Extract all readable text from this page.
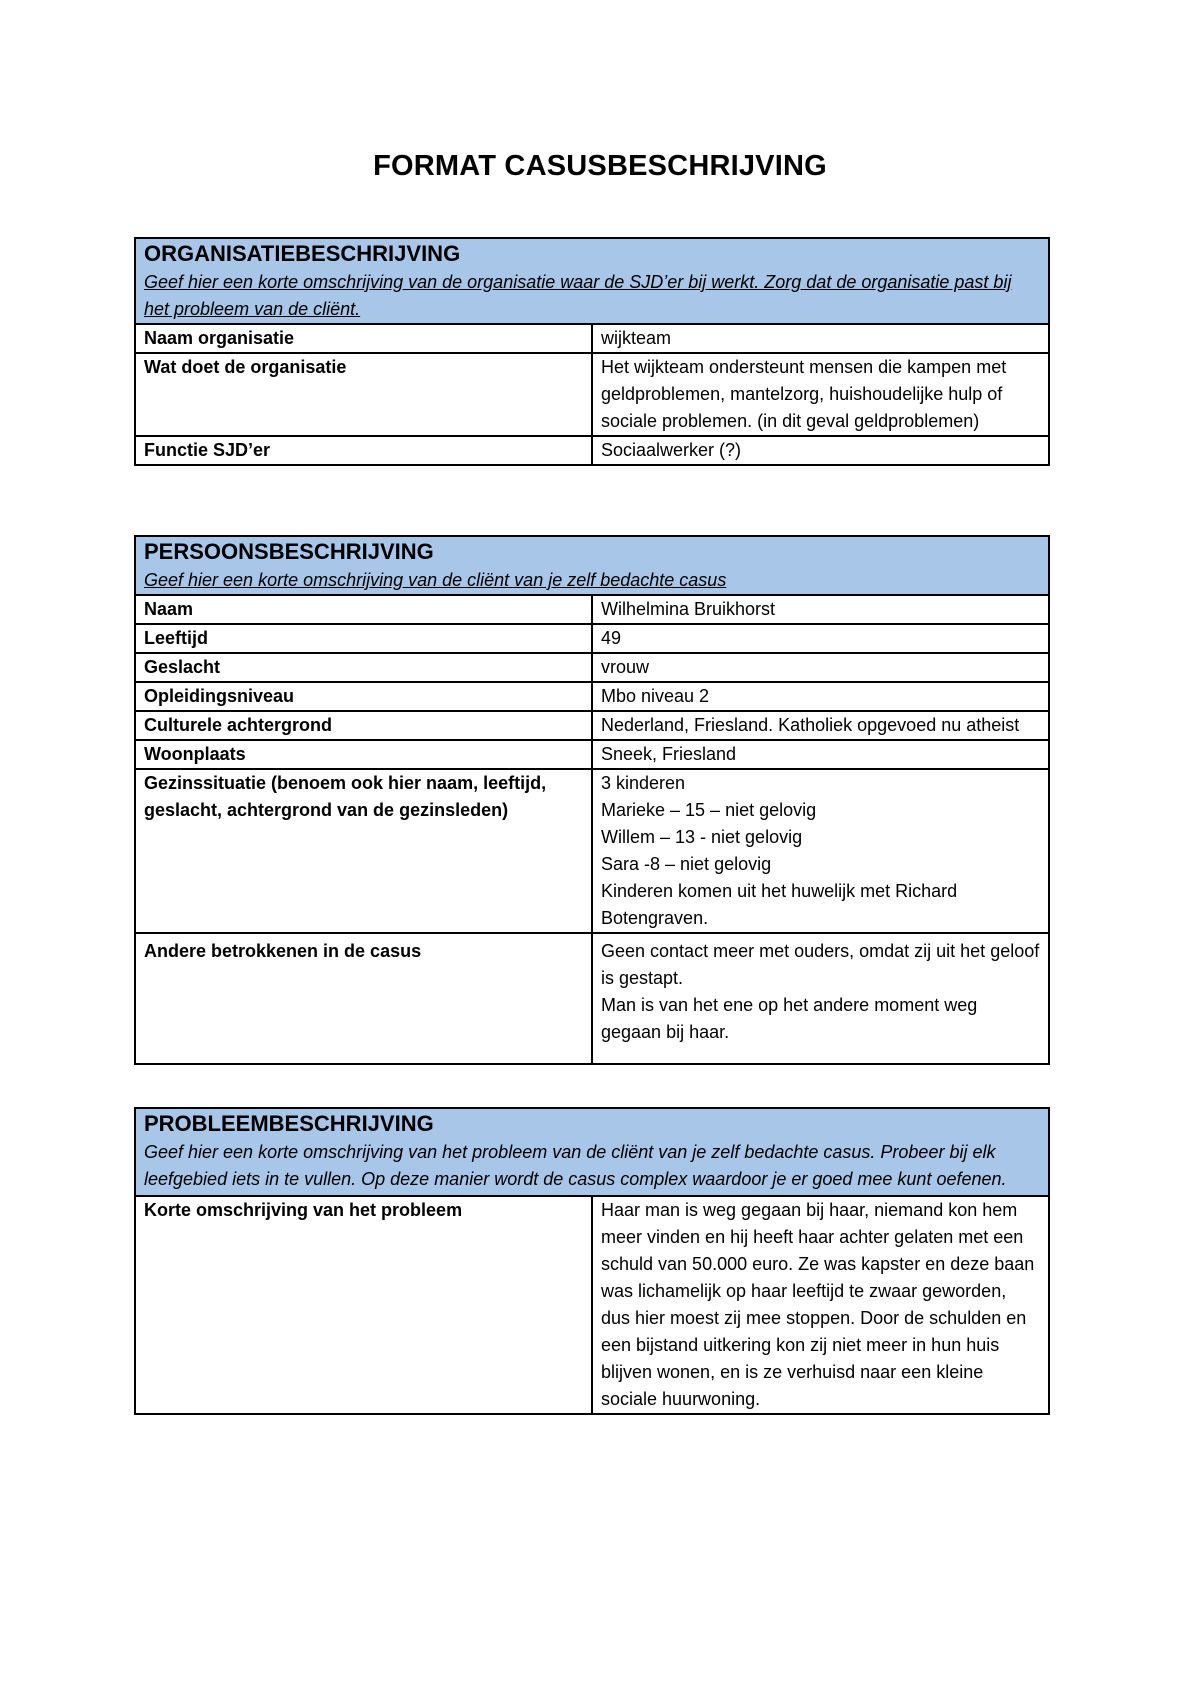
FORMAT CASUSBESCHRIJVING
ORGANISATIEBESCHRIJVING
Geef hier een korte omschrijving van de organisatie waar de SJD’er bij werkt. Zorg dat de organisatie past bij het probleem van de cliënt.	

Naam organisatie	wijkteam
Wat doet de organisatie	Het wijkteam ondersteunt mensen die kampen met geldproblemen, mantelzorg, huishoudelijke hulp of sociale problemen. (in dit geval geldproblemen)
Functie SJD’er	Sociaalwerker (?)
PERSOONSBESCHRIJVING
Geef hier een korte omschrijving van de cliënt van je zelf bedachte casus	

Naam	Wilhelmina Bruikhorst
Leeftijd	49
Geslacht	vrouw
Opleidingsniveau	Mbo niveau 2
Culturele achtergrond	Nederland, Friesland. Katholiek opgevoed nu atheist
Woonplaats	Sneek, Friesland
Gezinssituatie (benoem ook hier naam, leeftijd, geslacht, achtergrond van de gezinsleden)	3 kinderen
Marieke – 15 – niet gelovig
Willem – 13 - niet gelovig
Sara -8 – niet gelovig
Kinderen komen uit het huwelijk met Richard Botengraven.

Andere betrokkenen in de casus	Geen contact meer met ouders, omdat zij uit het geloof is gestapt.
Man is van het ene op het andere moment weg gegaan bij haar.
PROBLEEMBESCHRIJVING
Geef hier een korte omschrijving van het probleem van de cliënt van je zelf bedachte casus. Probeer bij elk leefgebied iets in te vullen. Op deze manier wordt de casus complex waardoor je er goed mee kunt oefenen.

Korte omschrijving van het probleem	Haar man is weg gegaan bij haar, niemand kon hem meer vinden en hij heeft haar achter gelaten met een schuld van 50.000 euro. Ze was kapster en deze baan was lichamelijk op haar leeftijd te zwaar geworden, dus hier moest zij mee stoppen. Door de schulden en een bijstand uitkering kon zij niet meer in hun huis blijven wonen, en is ze verhuisd naar een kleine sociale huurwoning.
